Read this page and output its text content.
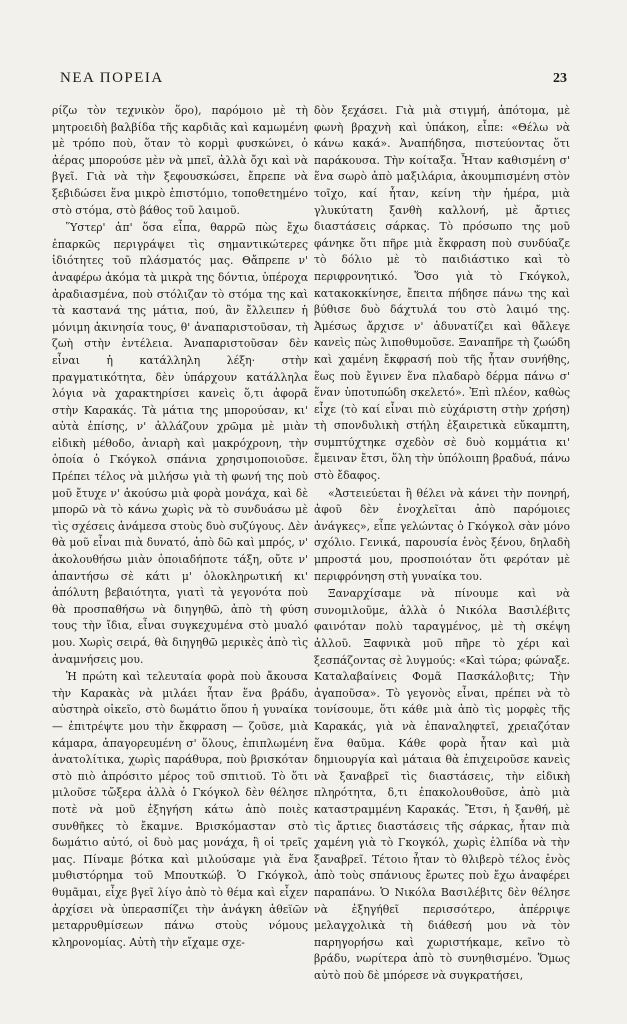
ΝΕΑ ΠΟΡΕΙΑ	23

ρίζω τὸν τεχνικὸν ὅρο), παρόμοιο μὲ τὴ μητροειδὴ βαλβίδα τῆς καρδιᾶς καὶ καμωμένη μὲ τρόπο ποὺ, ὅταν τὸ κορμὶ φυσκώνει, ὁ ἀέρας μπορούσε μὲν νὰ μπεῖ, ἀλλὰ ὄχι καὶ νὰ βγεῖ. Γιὰ νὰ τὴν ξεφουσκώσει, ἔπρεπε νὰ ξεβιδώσει ἕνα μικρὸ ἐπιστόμιο, τοποθετημένο στὸ στόμα, στὸ βάθος τοῦ λαιμοῦ.

Ὕστερ' ἀπ' ὅσα εἶπα, θαρρῶ πὼς ἔχω ἐπαρκῶς περιγράψει τὶς σημαντικώτερες ἰδιότητες τοῦ πλάσματός μας. Θἄπρεπε ν' ἀναφέρω ἀκόμα τὰ μικρὰ της δόντια, ὑπέροχα ἀραδιασμένα, ποὺ στόλιζαν τὸ στόμα της καὶ τὰ καστανά της μάτια, πού, ἂν ἔλλειπεν ἡ μόνιμη ἀκινησία τους, θ' ἀναπαριστοῦσαν, τὴ ζωὴ στὴν ἐντέλεια. Ἀναπαριστοῦσαν δὲν εἶναι ἡ κατάλληλη λέξη· στὴν πραγματικότητα, δὲν ὑπάρχουν κατάλληλα λόγια νὰ χαρακτηρίσει κανεὶς ὅ,τι ἀφορᾶ στὴν Καρακάς. Τὰ μάτια της μπορούσαν, κι' αὐτὰ ἐπίσης, ν' ἀλλάζουν χρῶμα μὲ μιὰν εἰδικὴ μέθοδο, ἀνιαρὴ καὶ μακρόχρονη, τὴν ὁποία ὁ Γκόγκολ σπάνια χρησιμοποιοῦσε. Πρέπει τέλος νὰ μιλήσω γιὰ τὴ φωνή της ποὺ μοῦ ἔτυχε ν' ἀκούσω μιὰ φορὰ μονάχα, καὶ δὲ μπορῶ νὰ τὸ κάνω χωρὶς νὰ τὸ συνδυάσω μὲ τὶς σχέσεις ἀνάμεσα στοὺς δυὸ συζύγους. Δὲν θὰ μοῦ εἶναι πιὰ δυνατό, ἀπὸ δῶ καὶ μπρός, ν' ἀκολουθήσω μιὰν ὁποιαδήποτε τάξη, οὔτε ν' ἀπαντήσω σὲ κάτι μ' ὁλοκληρωτική κι' ἀπόλυτη βεβαιότητα, γιατὶ τὰ γεγονότα ποὺ θὰ προσπαθήσω νὰ διηγηθῶ, ἀπὸ τὴ φύση τους τὴν ἴδια, εἶναι συγκεχυμένα στὸ μυαλό μου. Χωρὶς σειρά, θὰ διηγηθῶ μερικὲς ἀπὸ τὶς ἀναμνήσεις μου.

Ἡ πρώτη καὶ τελευταία φορὰ ποὺ ἄκουσα τὴν Καρακὰς νὰ μιλάει ἦταν ἕνα βράδυ, αὐστηρὰ οἰκεῖο, στὸ δωμάτιο ὅπου ἡ γυναίκα — ἐπιτρέψτε μου τὴν ἔκφραση — ζοῦσε, μιὰ κάμαρα, ἀπαγορευμένη σ' ὅλους, ἐπιπλωμένη ἀνατολίτικα, χωρὶς παράθυρα, ποὺ βρισκόταν στὸ πιὸ ἀπρόσιτο μέρος τοῦ σπιτιοῦ. Τὸ ὅτι μιλοῦσε τὤξερα ἀλλὰ ὁ Γκόγκολ δὲν θέλησε ποτὲ νὰ μοῦ ἐξηγήση κάτω ἀπὸ ποιὲς συνθῆκες τὸ ἔκαμνε. Βρισκόμασταν στὸ δωμάτιο αὐτό, οἱ δυὸ μας μονάχα, ἢ οἱ τρεῖς μας. Πίναμε βότκα καὶ μιλούσαμε γιὰ ἕνα μυθιστόρημα τοῦ Μπουτκώβ. Ὁ Γκόγκολ, θυμᾶμαι, εἶχε βγεῖ λίγο ἀπὸ τὸ θέμα καὶ εἶχεν ἀρχίσει νὰ ὑπερασπίζει τὴν ἀνάγκη ἀθεϊῶν μεταρρυθμίσεων πάνω στοὺς νόμους κληρονομίας. Αὐτὴ τὴν εἴχαμε σχε-

δὸν ξεχάσει. Γιὰ μιὰ στιγμή, ἀπότομα, μὲ φωνὴ βραχνὴ καὶ ὑπάκοη, εἶπε: «Θέλω νὰ κάνω κακά». Ἀναπήδησα, πιστεύοντας ὅτι παράκουσα. Τὴν κοίταξα. Ἦταν καθισμένη σ' ἕνα σωρὸ ἀπὸ μαξιλάρια, ἀκουμπισμένη στὸν τοῖχο, καί ἦταν, κείνη τὴν ἡμέρα, μιὰ γλυκύτατη ξανθὴ καλλονή, μὲ ἄρτιες διαστάσεις σάρκας. Τὸ πρόσωπο της μοῦ φάνηκε ὅτι πῆρε μιὰ ἔκφραση ποὺ συνδύαζε τὸ δόλιο μὲ τὸ παιδιάστικο καὶ τὸ περιφρονητικό. Ὅσο γιὰ τὸ Γκόγκολ, κατακοκκίνησε, ἔπειτα πήδησε πάνω της καὶ βύθισε δυὸ δάχτυλά του στὸ λαιμό της. Ἀμέσως ἄρχισε ν' ἀδυνατίζει καὶ θἄλεγε κανεὶς πὼς λιποθυμοῦσε. Ξαναπῆρε τὴ ζωώδη καὶ χαμένη ἔκφρασή ποὺ τῆς ἦταν συνήθης, ἕως ποὺ ἔγινεν ἕνα πλαδαρὸ δέρμα πάνω σ' ἕναν ὑποτυπώδη σκελετό». Ἐπὶ πλέον, καθὼς εἶχε (τὸ καί εἶναι πιὸ εὐχάριστη στὴν χρήση) τὴ σπονδυλικὴ στήλη ἐξαιρετικὰ εὔκαμπτη, συμπτύχτηκε σχεδὸν σὲ δυὸ κομμάτια κι' ἔμειναν ἔτσι, ὅλη τὴν ὑπόλοιπη βραδυά, πάνω στὸ ἔδαφος.

«Ἀστειεύεται ἢ θέλει νὰ κάνει τὴν πονηρή, ἀφοῦ δὲν ἐνοχλεῖται ἀπὸ παρόμοιες ἀνάγκες», εἶπε γελώντας ὁ Γκόγκολ σὰν μόνο σχόλιο. Γενικά, παρουσία ἑνὸς ξένου, δηλαδὴ μπροστά μου, προσποιόταν ὅτι φερόταν μὲ περιφρόνηση στὴ γυναίκα του.

Ξαναρχίσαμε νὰ πίνουμε καὶ νὰ συνομιλοῦμε, ἀλλὰ ὁ Νικόλα Βασιλέβιτς φαινόταν πολὺ ταραγμένος, μὲ τὴ σκέψη ἀλλοῦ. Ξαφνικὰ μοῦ πῆρε τὸ χέρι καὶ ξεσπάζοντας σὲ λυγμούς: «Καὶ τώρα; φώναξε. Καταλαβαίνεις Φομᾶ Πασκάλοβιτς; Τὴν ἀγαποῦσα». Τὸ γεγονὸς εἶναι, πρέπει νὰ τὸ τονίσουμε, ὅτι κάθε μιὰ ἀπὸ τὶς μορφὲς τῆς Καρακάς, γιὰ νὰ ἐπαναληφτεῖ, χρειαζόταν ἕνα θαῦμα. Κάθε φορὰ ἦταν καὶ μιὰ δημιουργία καὶ μάταια θὰ ἐπιχειροῦσε κανεὶς νὰ ξαναβρεῖ τὶς διαστάσεις, τὴν εἰδικὴ πληρότητα, δ,τι ἐπακολουθοῦσε, ἀπὸ μιὰ καταστραμμένη Καρακάς. Ἔτσι, ἡ ξανθή, μὲ τὶς ἄρτιες διαστάσεις τῆς σάρκας, ἦταν πιὰ χαμένη γιὰ τὸ Γκογκόλ, χωρὶς ἐλπίδα νὰ τὴν ξαναβρεῖ. Τέτοιο ἦταν τὸ θλιβερὸ τέλος ἑνὸς ἀπὸ τοὺς σπάνιους ἔρωτες ποὺ ἔχω ἀναφέρει παραπάνω. Ὁ Νικόλα Βασιλέβιτς δὲν θέλησε νὰ ἐξηγήθεῖ περισσότερο, ἀπέρριψε μελαγχολικὰ τὴ διάθεσή μου νὰ τὸν παρηγορήσω καὶ χωριστήκαμε, κεῖνο τὸ βράδυ, νωρίτερα ἀπὸ τὸ συνηθισμένο. Ὅμως αὐτὸ ποὺ δὲ μπόρεσε νὰ συγκρατήσει,
